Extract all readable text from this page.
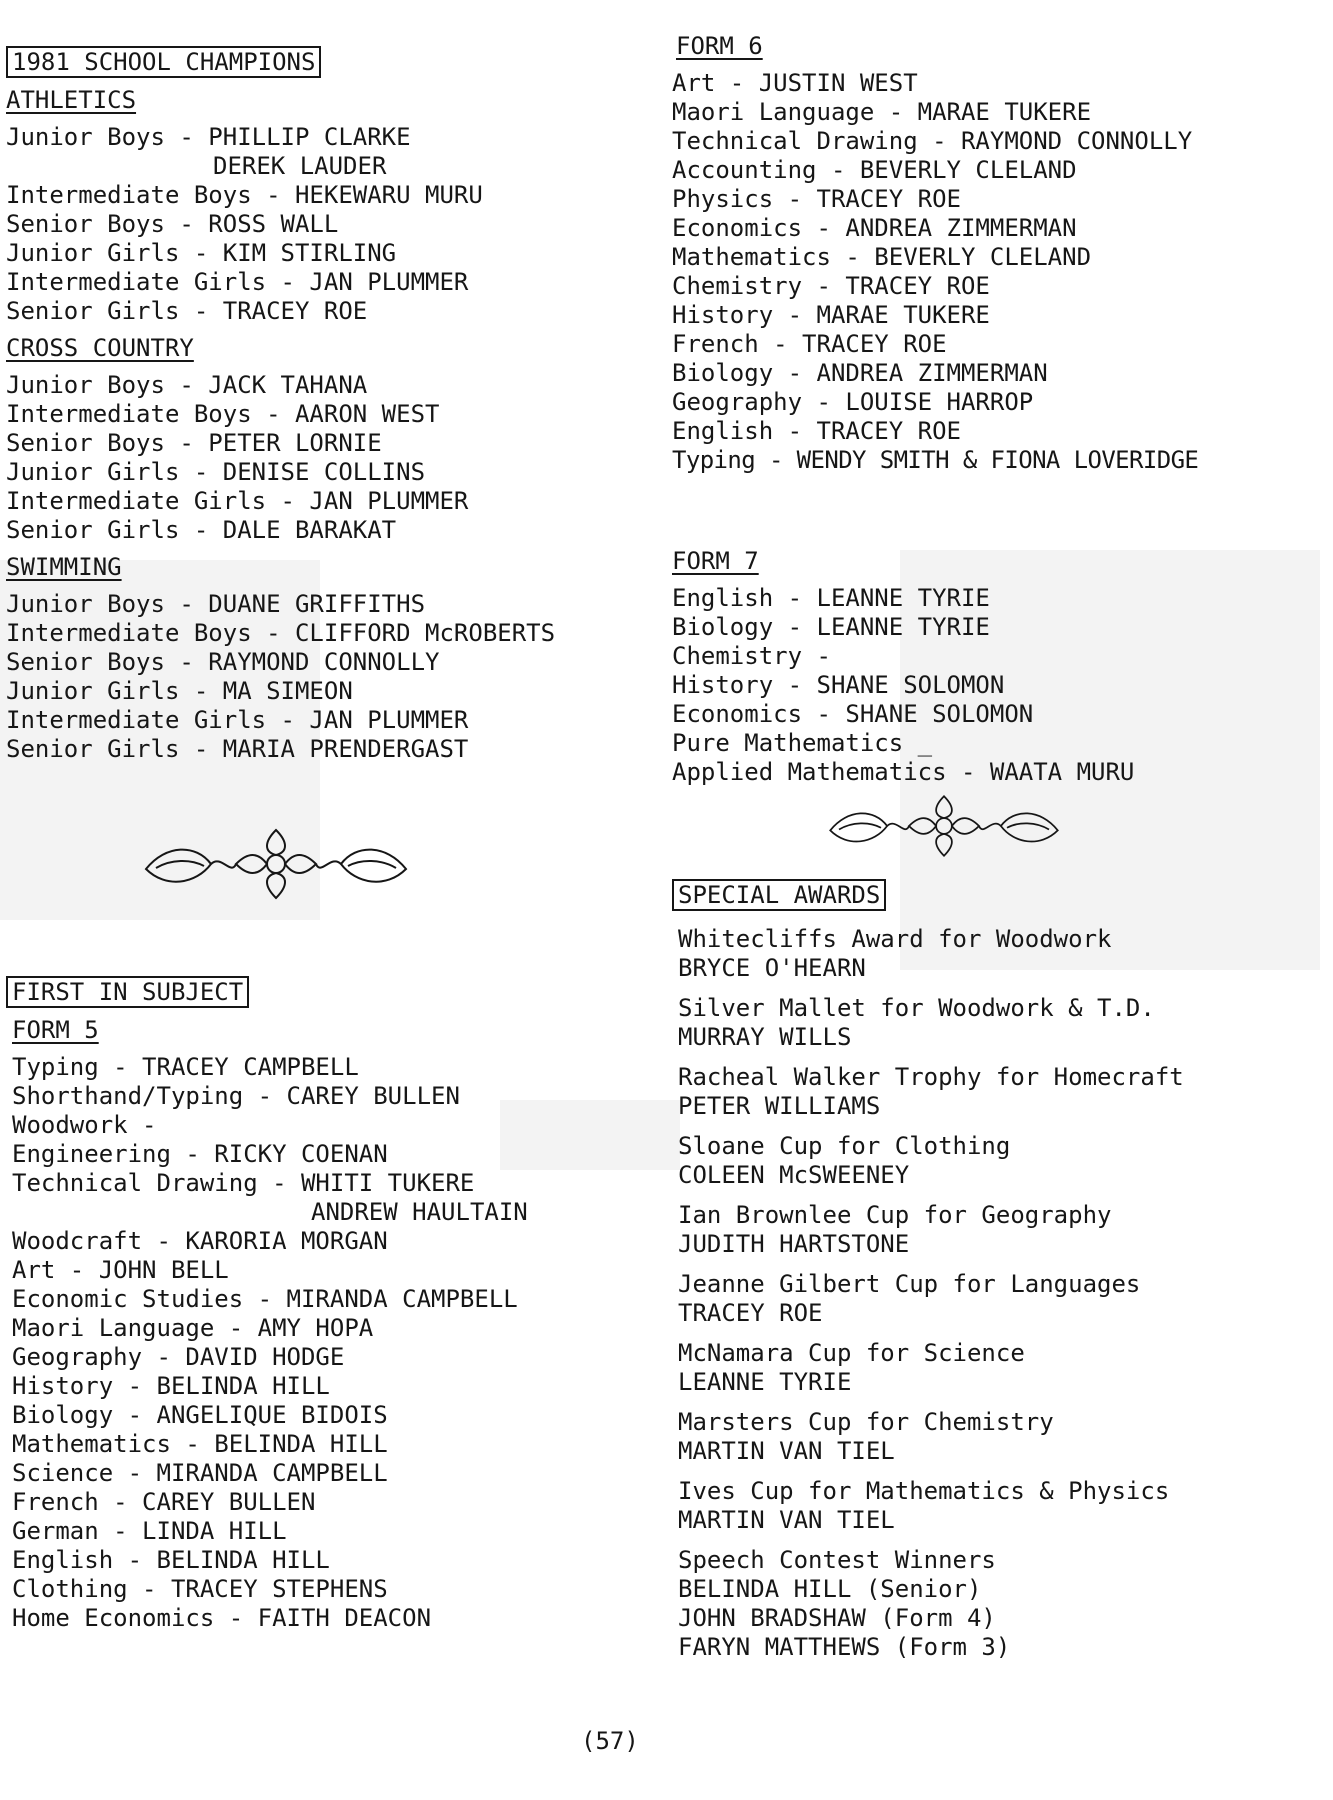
1981 SCHOOL CHAMPIONS
ATHLETICS
Junior Boys - PHILLIP CLARKE
DEREK LAUDER
Intermediate Boys - HEKEWARU MURU
Senior Boys - ROSS WALL
Junior Girls - KIM STIRLING
Intermediate Girls - JAN PLUMMER
Senior Girls - TRACEY ROE
CROSS COUNTRY
Junior Boys - JACK TAHANA
Intermediate Boys - AARON WEST
Senior Boys - PETER LORNIE
Junior Girls - DENISE COLLINS
Intermediate Girls - JAN PLUMMER
Senior Girls - DALE BARAKAT
SWIMMING
Junior Boys - DUANE GRIFFITHS
Intermediate Boys - CLIFFORD McROBERTS
Senior Boys - RAYMOND CONNOLLY
Junior Girls - MA SIMEON
Intermediate Girls - JAN PLUMMER
Senior Girls - MARIA PRENDERGAST
FIRST IN SUBJECT
FORM 5
Typing - TRACEY CAMPBELL
Shorthand/Typing - CAREY BULLEN
Woodwork -
Engineering - RICKY COENAN
Technical Drawing - WHITI TUKERE
ANDREW HAULTAIN
Woodcraft - KARORIA MORGAN
Art - JOHN BELL
Economic Studies - MIRANDA CAMPBELL
Maori Language - AMY HOPA
Geography - DAVID HODGE
History - BELINDA HILL
Biology - ANGELIQUE BIDOIS
Mathematics - BELINDA HILL
Science - MIRANDA CAMPBELL
French - CAREY BULLEN
German - LINDA HILL
English - BELINDA HILL
Clothing - TRACEY STEPHENS
Home Economics - FAITH DEACON
FORM 6
Art - JUSTIN WEST
Maori Language - MARAE TUKERE
Technical Drawing - RAYMOND CONNOLLY
Accounting - BEVERLY CLELAND
Physics - TRACEY ROE
Economics - ANDREA ZIMMERMAN
Mathematics - BEVERLY CLELAND
Chemistry - TRACEY ROE
History - MARAE TUKERE
French - TRACEY ROE
Biology - ANDREA ZIMMERMAN
Geography - LOUISE HARROP
English - TRACEY ROE
Typing - WENDY SMITH & FIONA LOVERIDGE
FORM 7
English - LEANNE TYRIE
Biology - LEANNE TYRIE
Chemistry -
History - SHANE SOLOMON
Economics - SHANE SOLOMON
Pure Mathematics _
Applied Mathematics - WAATA MURU
SPECIAL AWARDS
Whitecliffs Award for Woodwork
BRYCE O'HEARN
Silver Mallet for Woodwork & T.D.
MURRAY WILLS
Racheal Walker Trophy for Homecraft
PETER WILLIAMS
Sloane Cup for Clothing
COLEEN McSWEENEY
Ian Brownlee Cup for Geography
JUDITH HARTSTONE
Jeanne Gilbert Cup for Languages
TRACEY ROE
McNamara Cup for Science
LEANNE TYRIE
Marsters Cup for Chemistry
MARTIN VAN TIEL
Ives Cup for Mathematics & Physics
MARTIN VAN TIEL
Speech Contest Winners
BELINDA HILL (Senior)
JOHN BRADSHAW (Form 4)
FARYN MATTHEWS (Form 3)
(57)
